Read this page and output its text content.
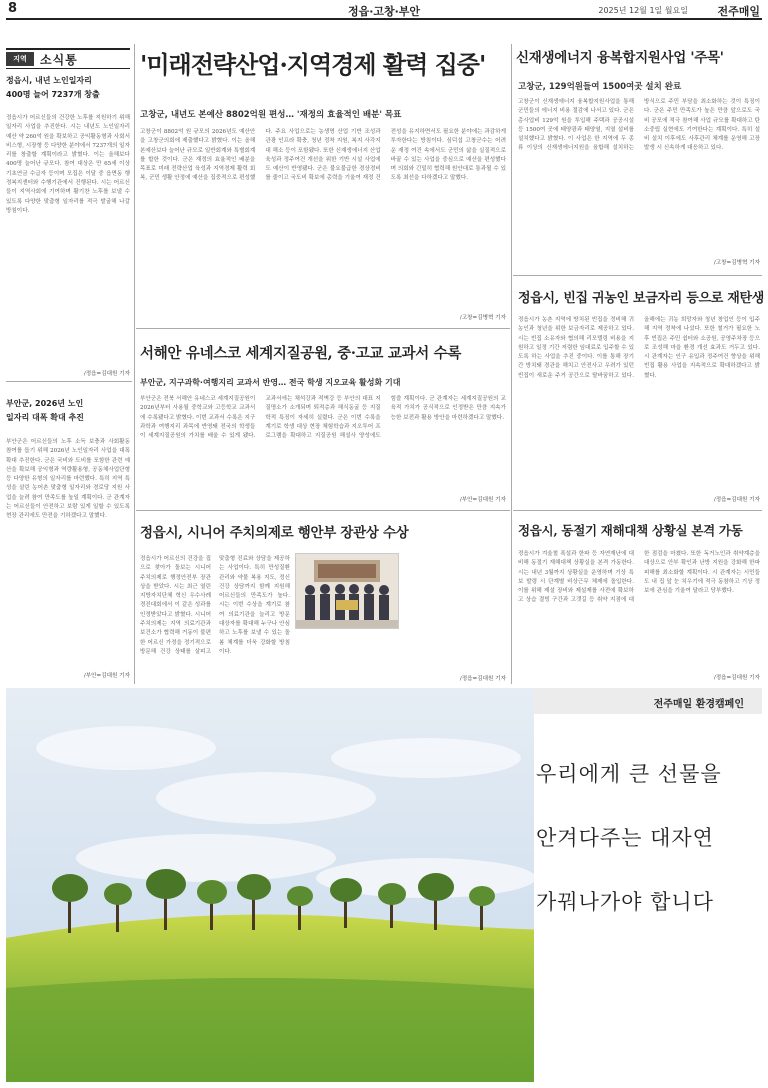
8	정읍·고창·부안	2025년 12월 1일 월요일	전주매일
지역	소식통
정읍시, 내년 노인일자리
400명 늘어 7237개 창출
정읍시가 어르신들의 건강한 노후를 지원하기 위해 일자리 사업을 추진한다. 시는 내년도 노인일자리 예산 약 260억 원을 확보하고 공익활동형과 사회서비스형, 시장형 등 다양한 분야에서 7237개의 일자리를 창출할 계획이라고 밝혔다. 이는 올해보다 400명 늘어난 규모다. 참여 대상은 만 65세 이상 기초연금 수급자 등이며 모집은 이달 중 읍면동 행정복지센터와 수행기관에서 진행된다. 시는 어르신들이 지역사회에 기여하며 활기찬 노후를 보낼 수 있도록 다양한 맞춤형 일자리를 적극 발굴해 나갈 방침이다.
/정읍=김대원 기자
부안군, 2026년 노인
일자리 대폭 확대 추진
부안군은 어르신들의 노후 소득 보충과 사회활동 참여를 돕기 위해 2026년 노인일자리 사업을 대폭 확대 추진한다. 군은 국비와 도비를 포함한 관련 예산을 확보해 공익형과 역량활용형, 공동체사업단형 등 다양한 유형의 일자리를 마련했다. 특히 지역 특성을 살린 농어촌 맞춤형 일자리와 경로당 지원 사업을 늘려 참여 만족도를 높일 계획이다. 군 관계자는 어르신들이 안전하고 보람 있게 일할 수 있도록 현장 관리에도 만전을 기하겠다고 말했다.
/부안=김대원 기자
'미래전략산업·지역경제 활력 집중'
고창군, 내년도 본예산 8802억원 편성… '재정의 효율적인 배분' 목표
고창군이 8802억 원 규모의 2026년도 예산안을 고창군의회에 제출했다고 밝혔다. 이는 올해 본예산보다 늘어난 규모로 일반회계와 특별회계를 합한 것이다. 군은 재정의 효율적인 배분을 목표로 미래 전략산업 육성과 지역경제 활력 회복, 군민 생활 안정에 예산을 집중적으로 편성했다. 주요 사업으로는 농생명 산업 기반 조성과 관광 인프라 확충, 청년 정착 지원, 복지 사각지대 해소 등이 포함됐다. 또한 신재생에너지 산업 육성과 정주여건 개선을 위한 기반 시설 사업에도 예산이 반영됐다. 군은 불요불급한 경상경비를 줄이고 국도비 확보에 총력을 기울여 재정 건전성을 유지하면서도 필요한 분야에는 과감하게 투자한다는 방침이다. 심덕섭 고창군수는 어려운 재정 여건 속에서도 군민의 삶을 실질적으로 바꿀 수 있는 사업을 중심으로 예산을 편성했다며 의회와 긴밀히 협력해 원안대로 통과될 수 있도록 최선을 다하겠다고 말했다.
/고창=김병혁 기자
신재생에너지 융복합지원사업 '주목'
고창군, 129억원들여 1500여곳 설치 완료
고창군이 신재생에너지 융복합지원사업을 통해 군민들의 에너지 비용 절감에 나서고 있다. 군은 총사업비 129억 원을 투입해 주택과 공공시설 등 1500여 곳에 태양광과 태양열, 지열 설비를 설치했다고 밝혔다. 이 사업은 한 지역에 두 종류 이상의 신재생에너지원을 융합해 설치하는 방식으로 주민 부담을 최소화하는 것이 특징이다. 군은 주민 만족도가 높은 만큼 앞으로도 국비 공모에 적극 참여해 사업 규모를 확대하고 탄소중립 실현에도 기여한다는 계획이다. 특히 설비 설치 이후에도 사후관리 체계를 운영해 고장 발생 시 신속하게 대응하고 있다.
/고창=김병혁 기자
서해안 유네스코 세계지질공원, 중·고교 교과서 수록
부안군, 지구과학·여행지리 교과서 반영… 전국 학생 지오교육 활성화 기대
부안군은 전북 서해안 유네스코 세계지질공원이 2026년부터 사용될 중학교와 고등학교 교과서에 수록됐다고 밝혔다. 이번 교과서 수록은 지구과학과 여행지리 과목에 반영돼 전국의 학생들이 세계지질공원의 가치를 배울 수 있게 됐다. 교과서에는 채석강과 적벽강 등 부안의 대표 지질명소가 소개되며 퇴적층과 해식동굴 등 지질학적 특징이 자세히 실렸다. 군은 이번 수록을 계기로 학생 대상 현장 체험학습과 지오투어 프로그램을 확대하고 지질공원 해설사 양성에도 힘쓸 계획이다. 군 관계자는 세계지질공원의 교육적 가치가 공식적으로 인정받은 만큼 지속가능한 보전과 활용 방안을 마련하겠다고 말했다.
/부안=김대원 기자
정읍시, 빈집 귀농인 보금자리 등으로 재탄생
정읍시가 농촌 지역에 방치된 빈집을 정비해 귀농인과 청년을 위한 보금자리로 제공하고 있다. 시는 빈집 소유자와 협의해 리모델링 비용을 지원하고 일정 기간 저렴한 임대료로 입주할 수 있도록 하는 사업을 추진 중이다. 이를 통해 장기간 방치돼 경관을 해치고 안전사고 우려가 있던 빈집이 새로운 주거 공간으로 탈바꿈하고 있다. 올해에는 귀농 희망자와 청년 창업인 등이 입주해 지역 정착에 나섰다. 또한 철거가 필요한 노후 빈집은 주민 쉼터와 소공원, 공영주차장 등으로 조성해 마을 환경 개선 효과도 거두고 있다. 시 관계자는 인구 유입과 정주여건 향상을 위해 빈집 활용 사업을 지속적으로 확대하겠다고 밝혔다.
/정읍=김대원 기자
정읍시, 시니어 주치의제로 행안부 장관상 수상
정읍시가 어르신의 건강을 집으로 찾아가 돌보는 시니어 주치의제로 행정안전부 장관상을 받았다. 시는 최근 열린 지방자치단체 혁신 우수사례 경진대회에서 이 같은 성과를 인정받았다고 밝혔다. 시니어 주치의제는 지역 의료기관과 보건소가 협력해 거동이 불편한 어르신 가정을 정기적으로 방문해 건강 상태를 살피고 맞춤형 진료와 상담을 제공하는 사업이다. 특히 만성질환 관리와 약물 복용 지도, 정신건강 상담까지 함께 지원해 어르신들의 만족도가 높다. 시는 이번 수상을 계기로 참여 의료기관을 늘리고 방문 대상자를 확대해 누구나 안심하고 노후를 보낼 수 있는 돌봄 체계를 더욱 강화할 방침이다.
/정읍=김대원 기자
정읍시, 동절기 재해대책 상황실 본격 가동
정읍시가 겨울철 폭설과 한파 등 자연재난에 대비해 동절기 재해대책 상황실을 본격 가동한다. 시는 내년 3월까지 상황실을 운영하며 기상 특보 발령 시 단계별 비상근무 체제에 돌입한다. 이를 위해 제설 장비와 제설제를 사전에 확보하고 상습 결빙 구간과 고갯길 등 취약 지점에 대한 점검을 마쳤다. 또한 독거노인과 취약계층을 대상으로 안부 확인과 난방 지원을 강화해 한파 피해를 최소화할 계획이다. 시 관계자는 시민들도 내 집 앞 눈 치우기에 적극 동참하고 기상 정보에 관심을 기울여 달라고 당부했다.
/정읍=김대원 기자
전주매일 환경캠페인
우리에게 큰 선물을
안겨다주는 대자연
가꿔나가야 합니다
